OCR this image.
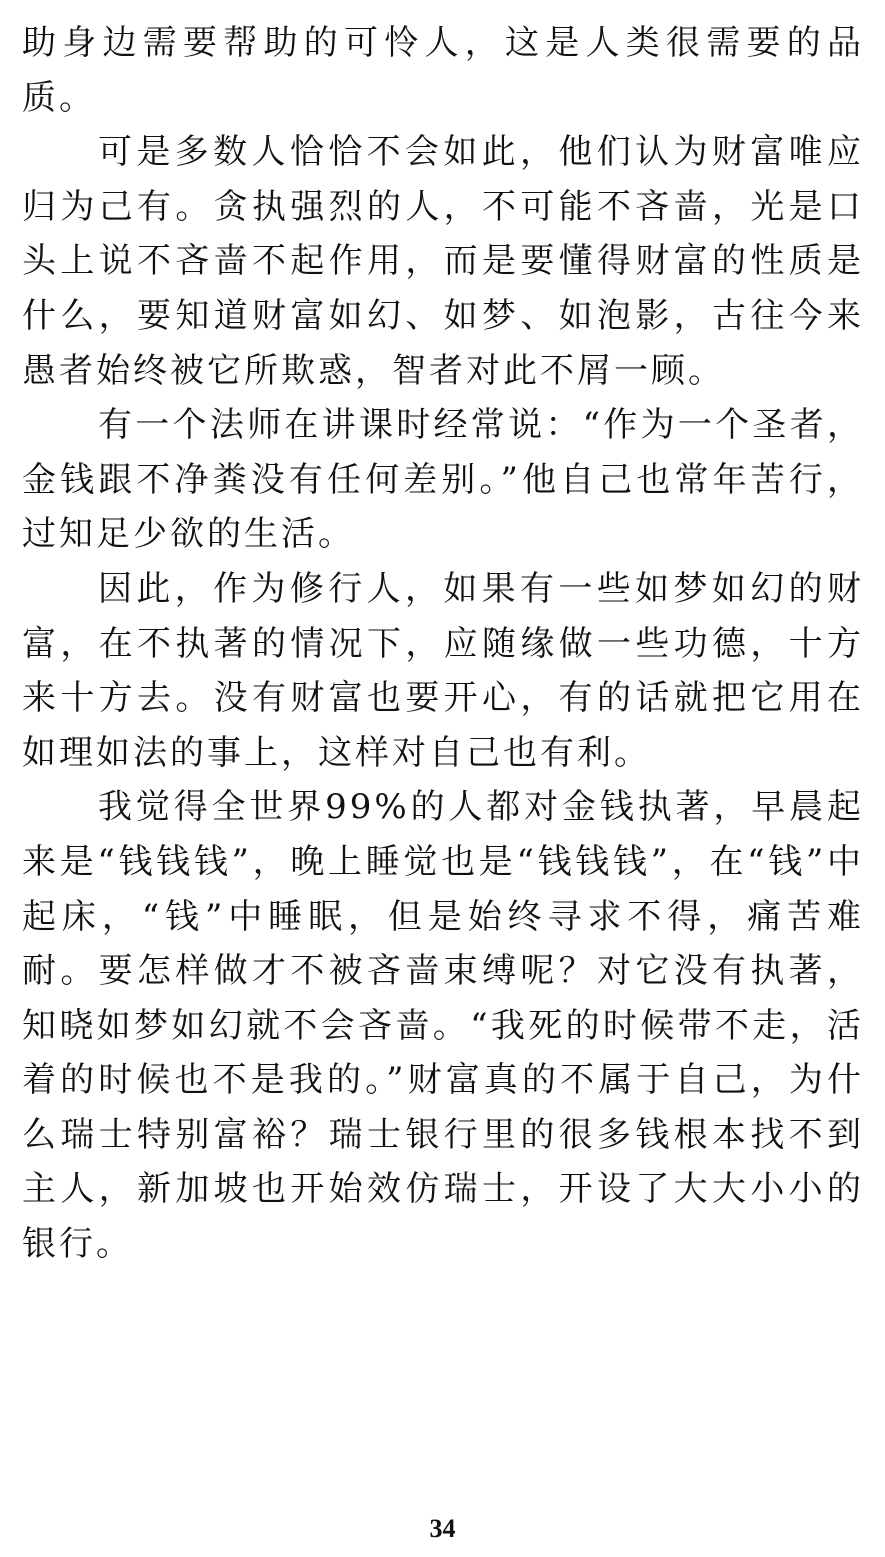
助身边需要帮助的可怜人，这是人类很需要的品质。

可是多数人恰恰不会如此，他们认为财富唯应归为己有。贪执强烈的人，不可能不吝啬，光是口头上说不吝啬不起作用，而是要懂得财富的性质是什么，要知道财富如幻、如梦、如泡影，古往今来愚者始终被它所欺惑，智者对此不屑一顾。

有一个法师在讲课时经常说：“作为一个圣者，金钱跟不净粪没有任何差别。”他自己也常年苦行，过知足少欲的生活。

因此，作为修行人，如果有一些如梦如幻的财富，在不执著的情况下，应随缘做一些功德，十方来十方去。没有财富也要开心，有的话就把它用在如理如法的事上，这样对自己也有利。

我觉得全世界99%的人都对金钱执著，早晨起来是“钱钱钱”，晚上睡觉也是“钱钱钱”，在“钱”中起床，“钱”中睡眠，但是始终寻求不得，痛苦难耐。要怎样做才不被吝啬束缚呢？对它没有执著，知晓如梦如幻就不会吝啬。“我死的时候带不走，活着的时候也不是我的。”财富真的不属于自己，为什么瑞士特别富裕？瑞士银行里的很多钱根本找不到主人，新加坡也开始效仿瑞士，开设了大大小小的银行。

34
